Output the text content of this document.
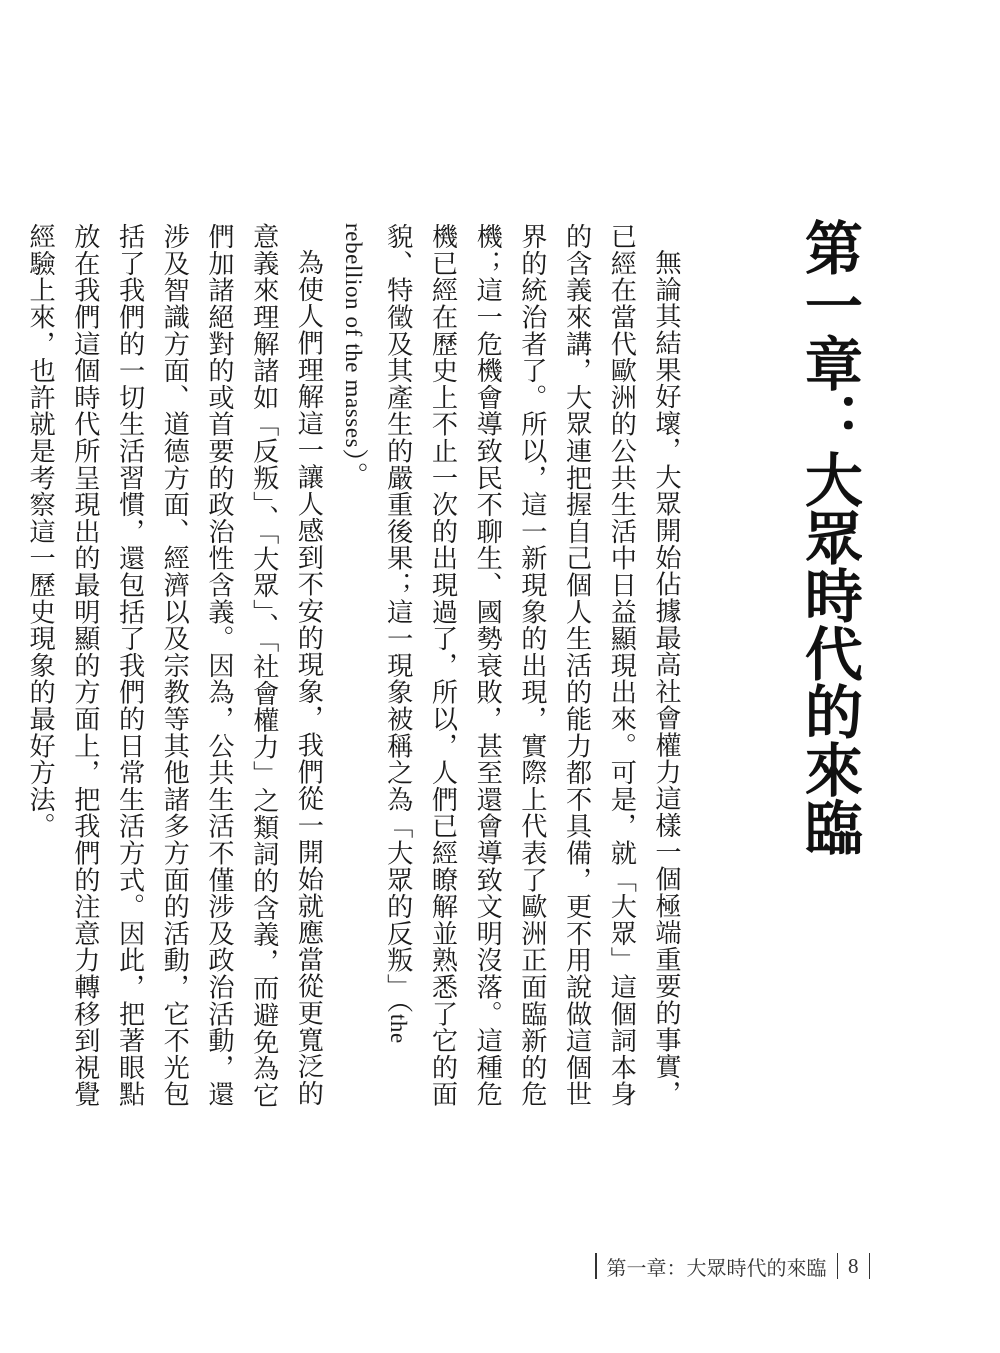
第一章：大眾時代的來臨

無論其結果好壞，大眾開始佔據最高社會權力這樣一個極端重要的事實，已經在當代歐洲的公共生活中日益顯現出來。可是，就「大眾」這個詞本身的含義來講，大眾連把握自己個人生活的能力都不具備，更不用說做這個世界的統治者了。所以，這一新現象的出現，實際上代表了歐洲正面臨新的危機；這一危機會導致民不聊生、國勢衰敗，甚至還會導致文明沒落。這種危機已經在歷史上不止一次的出現過了，所以，人們已經瞭解並熟悉了它的面貌、特徵及其產生的嚴重後果；這一現象被稱之為「大眾的反叛」（the rebellion of the masses）。

為使人們理解這一讓人感到不安的現象，我們從一開始就應當從更寬泛的意義來理解諸如「反叛」、「大眾」、「社會權力」之類詞的含義，而避免為它們加諸絕對的或首要的政治性含義。因為，公共生活不僅涉及政治活動，還涉及智識方面、道德方面、經濟以及宗教等其他諸多方面的活動，它不光包括了我們的一切生活習慣，還包括了我們的日常生活方式。因此，把著眼點放在我們這個時代所呈現出的最明顯的方面上，把我們的注意力轉移到視覺經驗上來，也許就是考察這一歷史現象的最好方法。

第一章：大眾時代的來臨 8
